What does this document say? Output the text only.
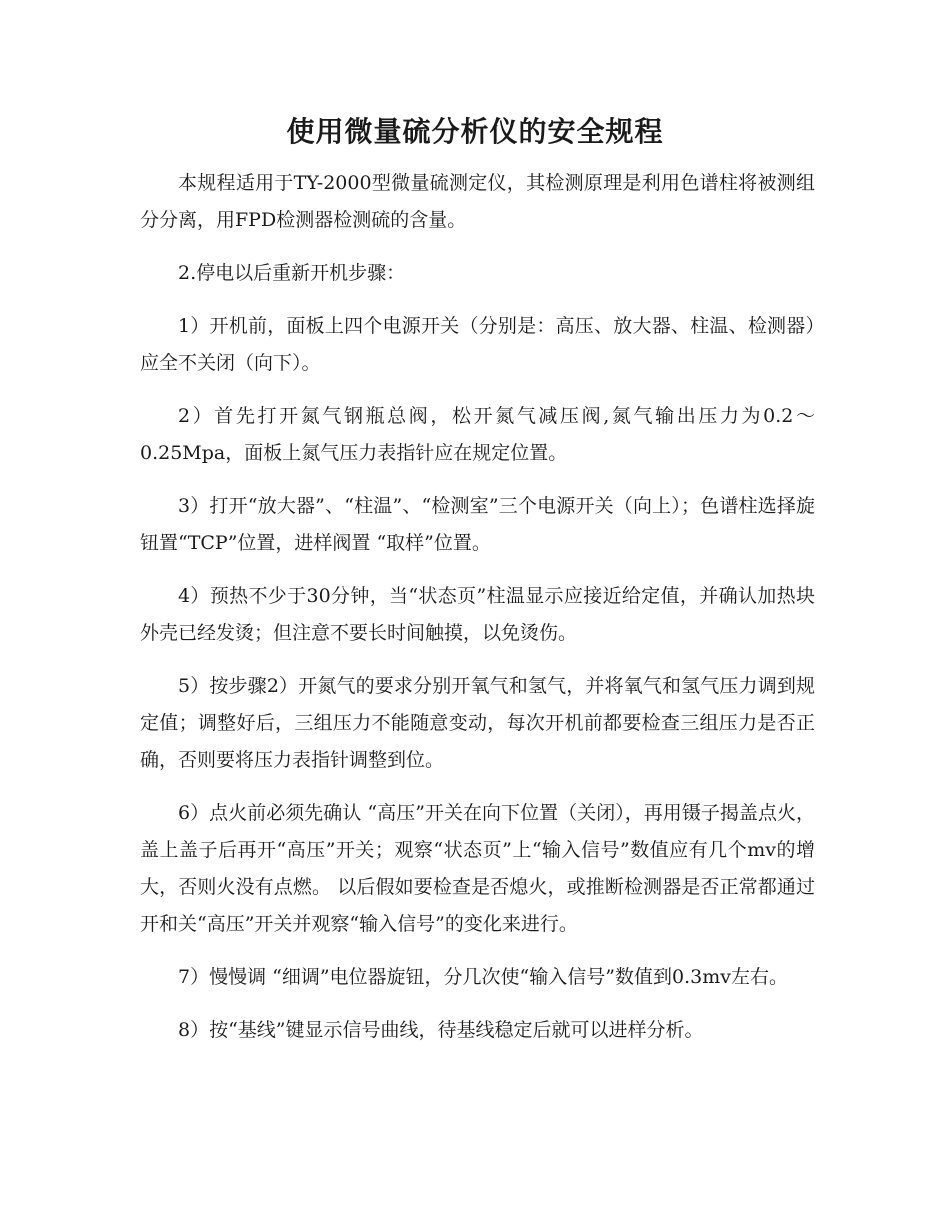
使用微量硫分析仪的安全规程

本规程适用于TY-2000型微量硫测定仪，其检测原理是利用色谱柱将被测组分分离，用FPD检测器检测硫的含量。

2.停电以后重新开机步骤：

1）开机前，面板上四个电源开关（分别是：高压、放大器、柱温、检测器）应全不关闭（向下）。

2）首先打开氮气钢瓶总阀，松开氮气减压阀,氮气输出压力为0.2～0.25Mpa，面板上氮气压力表指针应在规定位置。

3）打开“放大器”、“柱温”、“检测室”三个电源开关（向上）；色谱柱选择旋钮置“TCP”位置，进样阀置 “取样”位置。

4）预热不少于30分钟，当“状态页”柱温显示应接近给定值，并确认加热块外壳已经发烫；但注意不要长时间触摸，以免烫伤。

5）按步骤2）开氮气的要求分别开氧气和氢气，并将氧气和氢气压力调到规定值；调整好后，三组压力不能随意变动，每次开机前都要检查三组压力是否正确，否则要将压力表指针调整到位。

6）点火前必须先确认 “高压”开关在向下位置（关闭），再用镊子揭盖点火，盖上盖子后再开“高压”开关；观察“状态页”上“输入信号”数值应有几个mv的增大，否则火没有点燃。 以后假如要检查是否熄火，或推断检测器是否正常都通过开和关“高压”开关并观察“输入信号”的变化来进行。

7）慢慢调 “细调”电位器旋钮，分几次使“输入信号”数值到0.3mv左右。

8）按“基线”键显示信号曲线，待基线稳定后就可以进样分析。
